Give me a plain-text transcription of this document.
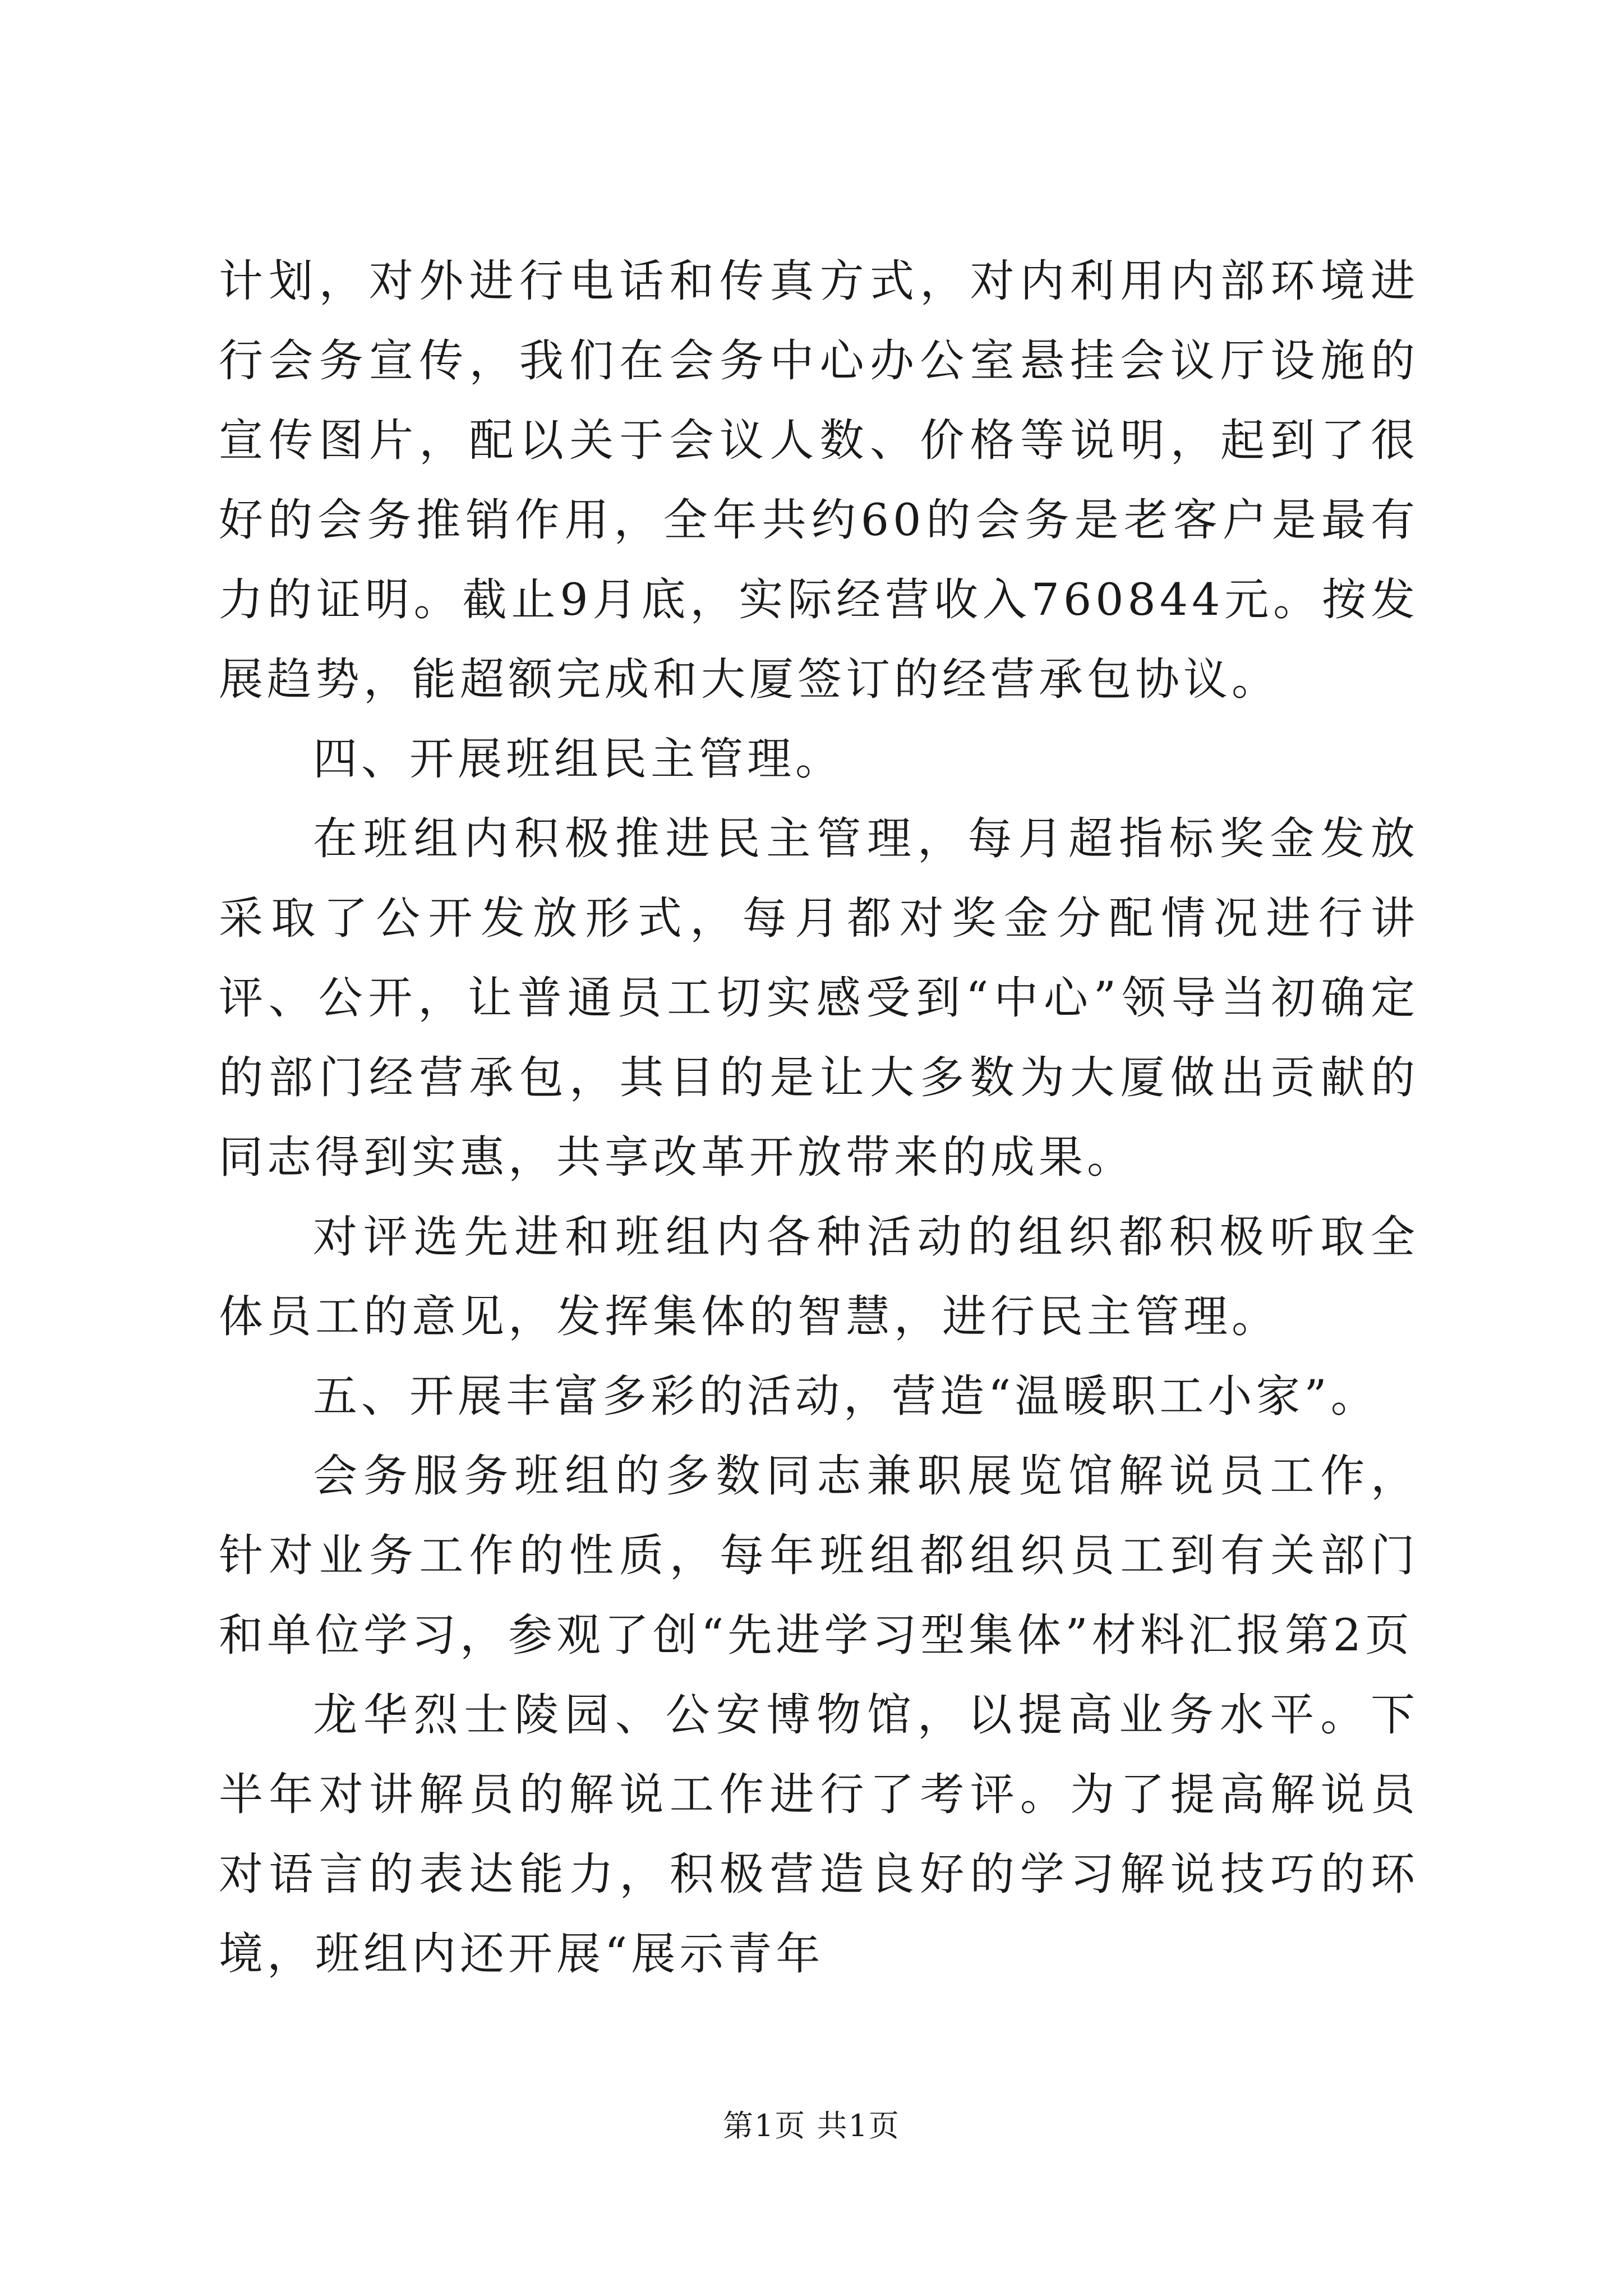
计划，对外进行电话和传真方式，对内利用内部环境进行会务宣传，我们在会务中心办公室悬挂会议厅设施的宣传图片，配以关于会议人数、价格等说明，起到了很好的会务推销作用，全年共约60的会务是老客户是最有力的证明。截止9月底，实际经营收入760844元。按发展趋势，能超额完成和大厦签订的经营承包协议。

四、开展班组民主管理。

在班组内积极推进民主管理，每月超指标奖金发放采取了公开发放形式，每月都对奖金分配情况进行讲评、公开，让普通员工切实感受到“中心”领导当初确定的部门经营承包，其目的是让大多数为大厦做出贡献的同志得到实惠，共享改革开放带来的成果。

对评选先进和班组内各种活动的组织都积极听取全体员工的意见，发挥集体的智慧，进行民主管理。

五、开展丰富多彩的活动，营造“温暖职工小家”。

会务服务班组的多数同志兼职展览馆解说员工作，针对业务工作的性质，每年班组都组织员工到有关部门和单位学习，参观了创“先进学习型集体”材料汇报第2页

龙华烈士陵园、公安博物馆，以提高业务水平。下半年对讲解员的解说工作进行了考评。为了提高解说员对语言的表达能力，积极营造良好的学习解说技巧的环境，班组内还开展“展示青年

第1页 共1页
